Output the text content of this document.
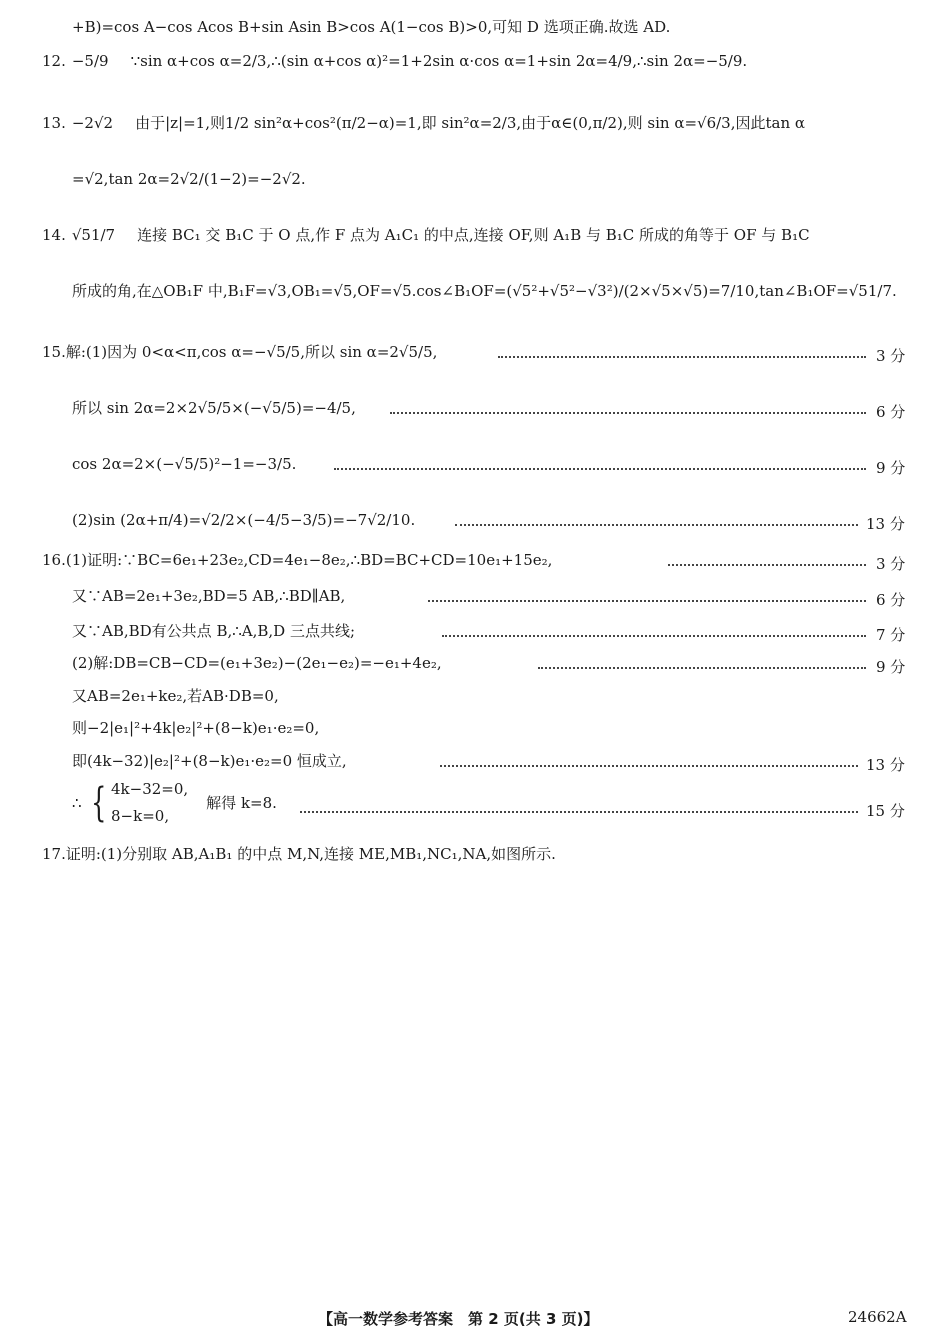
+B)=cos A−cos Acos B+sin Asin B>cos A(1−cos B)>0,可知 D 选项正确.故选 AD.
12. −5/9 ∵sin α+cos α=2/3,∴(sin α+cos α)²=1+2sin α·cos α=1+sin 2α=4/9,∴sin 2α=−5/9.
13. −2√2 由于|z|=1,则1/2 sin²α+cos²(π/2−α)=1,即 sin²α=2/3,由于α∈(0,π/2),则 sin α=√6/3,因此tan α
=√2,tan 2α=2√2/(1−2)=−2√2.
14. √51/7 连接 BC₁ 交 B₁C 于 O 点,作 F 点为 A₁C₁ 的中点,连接 OF,则 A₁B 与 B₁C 所成的角等于 OF 与 B₁C
所成的角,在△OB₁F 中,B₁F=√3,OB₁=√5,OF=√5.cos∠B₁OF=(√5²+√5²−√3²)/(2×√5×√5)=7/10,tan∠B₁OF=√51/7.
15.解:(1)因为 0<α<π,cos α=−√5/5,所以 sin α=2√5/5,	3 分
所以 sin 2α=2×2√5/5×(−√5/5)=−4/5,	6 分
cos 2α=2×(−√5/5)²−1=−3/5.	9 分
(2)sin (2α+π/4)=√2/2×(−4/5−3/5)=−7√2/10.	13 分
16.(1)证明:∵BC=6e₁+23e₂,CD=4e₁−8e₂,∴BD=BC+CD=10e₁+15e₂,	3 分
又∵AB=2e₁+3e₂,BD=5 AB,∴BD∥AB,	6 分
又∵AB,BD有公共点 B,∴A,B,D 三点共线;	7 分
(2)解:DB=CB−CD=(e₁+3e₂)−(2e₁−e₂)=−e₁+4e₂,	9 分
又AB=2e₁+ke₂,若AB·DB=0,
则−2|e₁|²+4k|e₂|²+(8−k)e₁·e₂=0,
即(4k−32)|e₂|²+(8−k)e₁·e₂=0 恒成立,	13 分
∴ { 4k−32=0,
8−k=0,
解得 k=8.	15 分
17.证明:(1)分别取 AB,A₁B₁ 的中点 M,N,连接 ME,MB₁,NC₁,NA,如图所示.
【高一数学参考答案　第 2 页(共 3 页)】	24662A
